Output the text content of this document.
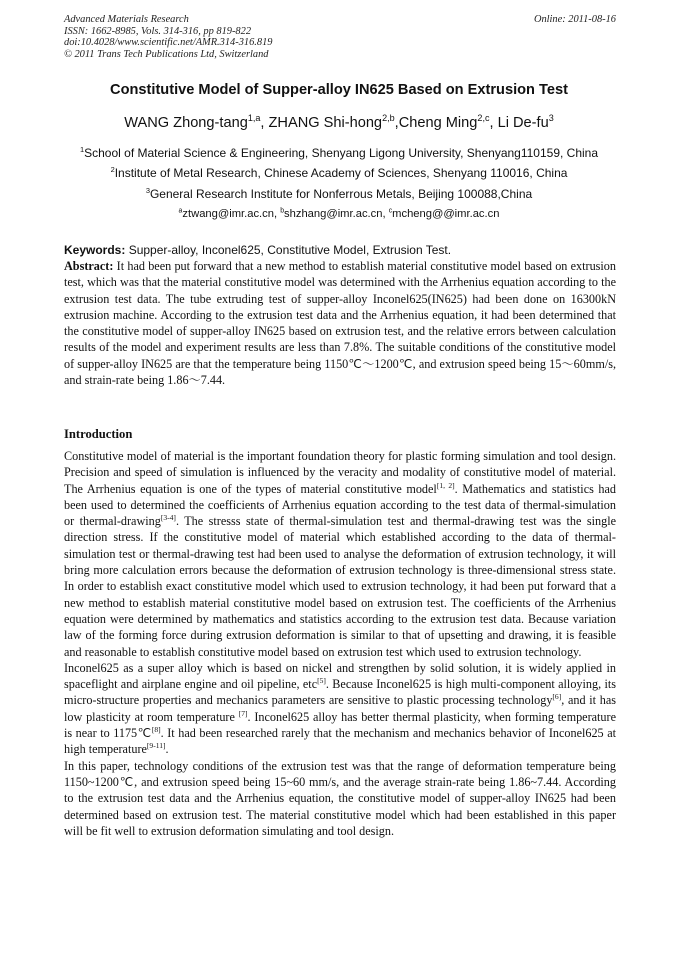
Advanced Materials Research
ISSN: 1662-8985, Vols. 314-316, pp 819-822
doi:10.4028/www.scientific.net/AMR.314-316.819
© 2011 Trans Tech Publications Ltd, Switzerland
Online: 2011-08-16
Constitutive Model of Supper-alloy IN625 Based on Extrusion Test
WANG Zhong-tang$^{1,a}$, ZHANG Shi-hong$^{2,b}$,Cheng Ming$^{2,c}$, Li $De-fu^3$
$^1$School of Material Science & Engineering, Shenyang Ligong University, Shenyang110159, China
$^2$Institute of Metal Research, Chinese Academy of Sciences, Shenyang 110016, China
$^3$General Research Institute for Nonferrous Metals, Beijing 100088,China
$^a$ztwang@imr.ac.cn, $^b$shzhang@imr.ac.cn, $^c$mcheng@@imr.ac.cn
Keywords: Supper-alloy, Inconel625, Constitutive Model, Extrusion Test.
Abstract: It had been put forward that a new method to establish material constitutive model based on extrusion test, which was that the material constitutive model was determined with the Arrhenius equation according to the extrusion test data. The tube extruding test of supper-alloy Inconel625(IN625) had been done on 16300kN extrusion machine. According to the extrusion test data and the Arrhenius equation, it had been determined that the constitutive model of supper-alloy IN625 based on extrusion test, and the relative errors between calculation results of the model and experiment results are less than 7.8%. The suitable conditions of the constitutive model of supper-alloy IN625 are that the temperature being 1150℃～1200℃, and extrusion speed being 15～60mm/s, and strain-rate being 1.86～7.44.
Introduction

Constitutive model of material is the important foundation theory for plastic forming simulation and tool design. Precision and speed of simulation is influenced by the veracity and modality of constitutive model of material. The Arrhenius equation is one of the types of material constitutive model[1, 2]. Mathematics and statistics had been used to determined the coefficients of Arrhenius equation according to the test data of thermal-simulation or thermal-drawing[3-4]. The stresss state of thermal-simulation test and thermal-drawing test was the single direction stress. If the constitutive model of material which established according to the data of thermal-simulation test or thermal-drawing test had been used to analyse the deformation of extrusion technology, it will bring more calculation errors because the deformation of extrusion technology is three-dimensional stress state. In order to establish exact constitutive model which used to extrusion technology, it had been put forward that a new method to establish material constitutive model based on extrusion test. The coefficients of the Arrhenius equation were determined by mathematics and statistics according to the extrusion test data. Because variation law of the forming force during extrusion deformation is similar to that of upsetting and drawing, it is feasible and reasonable to establish constitutive model based on extrusion test which used to extrusion technology.

Inconel625 as a super alloy which is based on nickel and strengthen by solid solution, it is widely applied in spaceflight and airplane engine and oil pipeline, etc[5]. Because Inconel625 is high multi-component alloying, its micro-structure properties and mechanics parameters are sensitive to plastic processing technology[6], and it has low plasticity at room temperature [7]. Inconel625 alloy has better thermal plasticity, when forming temperature is near to 1175℃[8]. It had been researched rarely that the mechanism and mechanics behavior of Inconel625 at high temperature[9-11].

In this paper, technology conditions of the extrusion test was that the range of deformation temperature being 1150~1200℃, and extrusion speed being 15~60 mm/s, and the average strain-rate being 1.86~7.44. According to the extrusion test data and the Arrhenius equation, the constitutive model of supper-alloy IN625 had been determined based on extrusion test. The material constitutive model which had been established in this paper will be fit well to extrusion deformation simulating and tool design.
